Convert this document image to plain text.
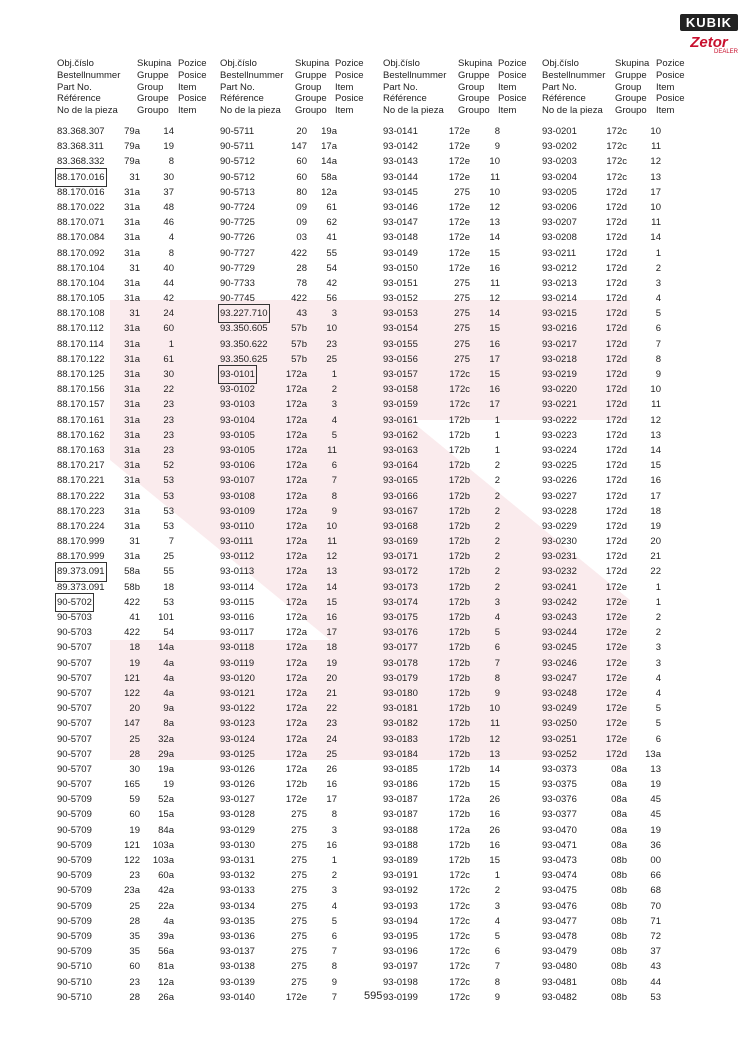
KUBIK
Zetor
DEALER
Obj.číslo
Bestellnummer
Part No.
Référence
No de la pieza
Skupina
Gruppe
Group
Groupe
Groupo
Pozice
Posice
Item
Posice
Item
83.368.307	79a	14
83.368.311	79a	19
83.368.332	79a	8
88.170.016	31	30
88.170.016	31a	37
88.170.022	31a	48
88.170.071	31a	46
88.170.084	31a	4
88.170.092	31a	8
88.170.104	31	40
88.170.104	31a	44
88.170.105	31a	42
88.170.108	31	24
88.170.112	31a	60
88.170.114	31a	1
88.170.122	31a	61
88.170.125	31a	30
88.170.156	31a	22
88.170.157	31a	23
88.170.161	31a	23
88.170.162	31a	23
88.170.163	31a	23
88.170.217	31a	52
88.170.221	31a	53
88.170.222	31a	53
88.170.223	31a	53
88.170.224	31a	53
88.170.999	31	7
88.170.999	31a	25
89.373.091	58a	55
89.373.091	58b	18
90-5702	422	53
90-5703	41	101
90-5703	422	54
90-5707	18	14a
90-5707	19	4a
90-5707	121	4a
90-5707	122	4a
90-5707	20	9a
90-5707	147	8a
90-5707	25	32a
90-5707	28	29a
90-5707	30	19a
90-5707	165	19
90-5709	59	52a
90-5709	60	15a
90-5709	19	84a
90-5709	121	103a
90-5709	122	103a
90-5709	23	60a
90-5709	23a	42a
90-5709	25	22a
90-5709	28	4a
90-5709	35	39a
90-5709	35	56a
90-5710	60	81a
90-5710	23	12a
90-5710	28	26a
Obj.číslo
Bestellnummer
Part No.
Référence
No de la pieza
Skupina
Gruppe
Group
Groupe
Groupo
Pozice
Posice
Item
Posice
Item
90-5711	20	19a
90-5711	147	17a
90-5712	60	14a
90-5712	60	58a
90-5713	80	12a
90-7724	09	61
90-7725	09	62
90-7726	03	41
90-7727	422	55
90-7729	28	54
90-7733	78	42
90-7745	422	56
93.227.710	43	3
93.350.605	57b	10
93.350.622	57b	23
93.350.625	57b	25
93-0101	172a	1
93-0102	172a	2
93-0103	172a	3
93-0104	172a	4
93-0105	172a	5
93-0105	172a	11
93-0106	172a	6
93-0107	172a	7
93-0108	172a	8
93-0109	172a	9
93-0110	172a	10
93-0111	172a	11
93-0112	172a	12
93-0113	172a	13
93-0114	172a	14
93-0115	172a	15
93-0116	172a	16
93-0117	172a	17
93-0118	172a	18
93-0119	172a	19
93-0120	172a	20
93-0121	172a	21
93-0122	172a	22
93-0123	172a	23
93-0124	172a	24
93-0125	172a	25
93-0126	172a	26
93-0126	172b	16
93-0127	172e	17
93-0128	275	8
93-0129	275	3
93-0130	275	16
93-0131	275	1
93-0132	275	2
93-0133	275	3
93-0134	275	4
93-0135	275	5
93-0136	275	6
93-0137	275	7
93-0138	275	8
93-0139	275	9
93-0140	172e	7
Obj.číslo
Bestellnummer
Part No.
Référence
No de la pieza
Skupina
Gruppe
Group
Groupe
Groupo
Pozice
Posice
Item
Posice
Item
93-0141	172e	8
93-0142	172e	9
93-0143	172e	10
93-0144	172e	11
93-0145	275	10
93-0146	172e	12
93-0147	172e	13
93-0148	172e	14
93-0149	172e	15
93-0150	172e	16
93-0151	275	11
93-0152	275	12
93-0153	275	14
93-0154	275	15
93-0155	275	16
93-0156	275	17
93-0157	172c	15
93-0158	172c	16
93-0159	172c	17
93-0161	172b	1
93-0162	172b	1
93-0163	172b	1
93-0164	172b	2
93-0165	172b	2
93-0166	172b	2
93-0167	172b	2
93-0168	172b	2
93-0169	172b	2
93-0171	172b	2
93-0172	172b	2
93-0173	172b	2
93-0174	172b	3
93-0175	172b	4
93-0176	172b	5
93-0177	172b	6
93-0178	172b	7
93-0179	172b	8
93-0180	172b	9
93-0181	172b	10
93-0182	172b	11
93-0183	172b	12
93-0184	172b	13
93-0185	172b	14
93-0186	172b	15
93-0187	172a	26
93-0187	172b	16
93-0188	172a	26
93-0188	172b	16
93-0189	172b	15
93-0191	172c	1
93-0192	172c	2
93-0193	172c	3
93-0194	172c	4
93-0195	172c	5
93-0196	172c	6
93-0197	172c	7
93-0198	172c	8
93-0199	172c	9
Obj.číslo
Bestellnummer
Part No.
Référence
No de la pieza
Skupina
Gruppe
Group
Groupe
Groupo
Pozice
Posice
Item
Posice
Item
93-0201	172c	10
93-0202	172c	11
93-0203	172c	12
93-0204	172c	13
93-0205	172d	17
93-0206	172d	10
93-0207	172d	11
93-0208	172d	14
93-0211	172d	1
93-0212	172d	2
93-0213	172d	3
93-0214	172d	4
93-0215	172d	5
93-0216	172d	6
93-0217	172d	7
93-0218	172d	8
93-0219	172d	9
93-0220	172d	10
93-0221	172d	11
93-0222	172d	12
93-0223	172d	13
93-0224	172d	14
93-0225	172d	15
93-0226	172d	16
93-0227	172d	17
93-0228	172d	18
93-0229	172d	19
93-0230	172d	20
93-0231	172d	21
93-0232	172d	22
93-0241	172e	1
93-0242	172e	1
93-0243	172e	2
93-0244	172e	2
93-0245	172e	3
93-0246	172e	3
93-0247	172e	4
93-0248	172e	4
93-0249	172e	5
93-0250	172e	5
93-0251	172e	6
93-0252	172d	13a
93-0373	08a	13
93-0375	08a	19
93-0376	08a	45
93-0377	08a	45
93-0470	08a	19
93-0471	08a	36
93-0473	08b	00
93-0474	08b	66
93-0475	08b	68
93-0476	08b	70
93-0477	08b	71
93-0478	08b	72
93-0479	08b	37
93-0480	08b	43
93-0481	08b	44
93-0482	08b	53
595
